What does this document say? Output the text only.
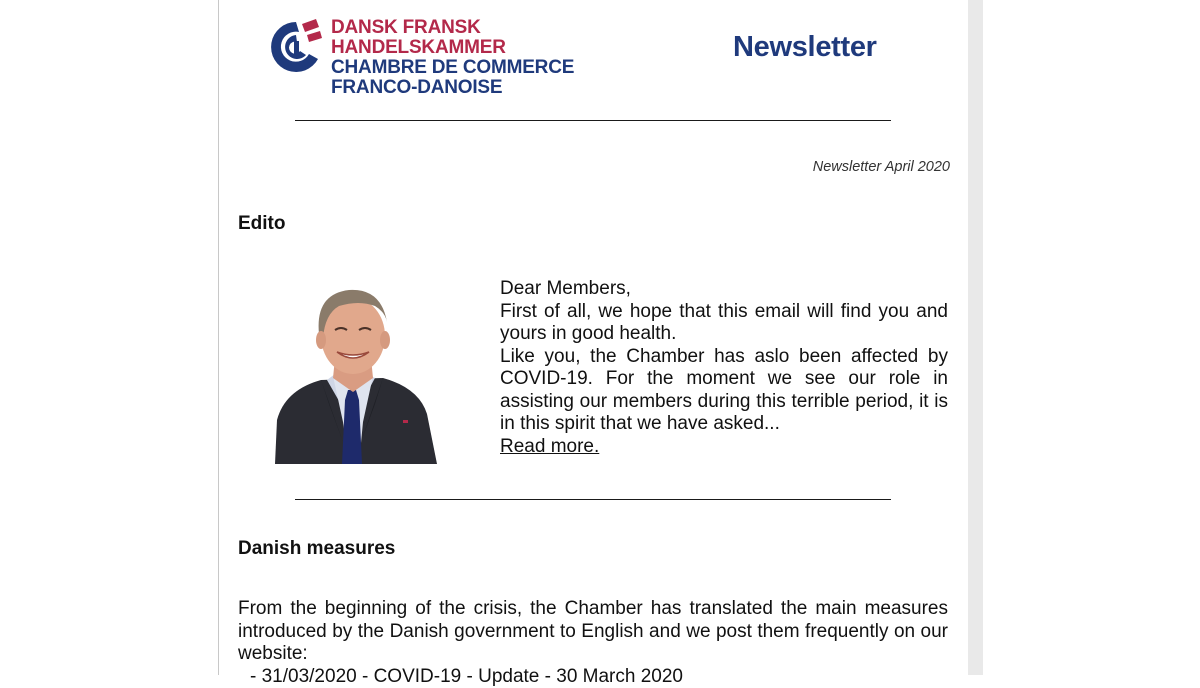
DANSK FRANSK HANDELSKAMMER
CHAMBRE DE COMMERCE
FRANCO-DANOISE
Newsletter
Newsletter April 2020
Edito

Dear Members,

First of all, we hope that this email will find you and yours in good health.

Like you, the Chamber has aslo been affected by COVID-19. For the moment we see our role in assisting our members during this terrible period, it is in this spirit that we have asked...

Read more.
Danish measures

From the beginning of the crisis, the Chamber has translated the main measures introduced by the Danish government to English and we post them frequently on our website:

- 31/03/2020 - COVID-19 - Update - 30 March 2020
